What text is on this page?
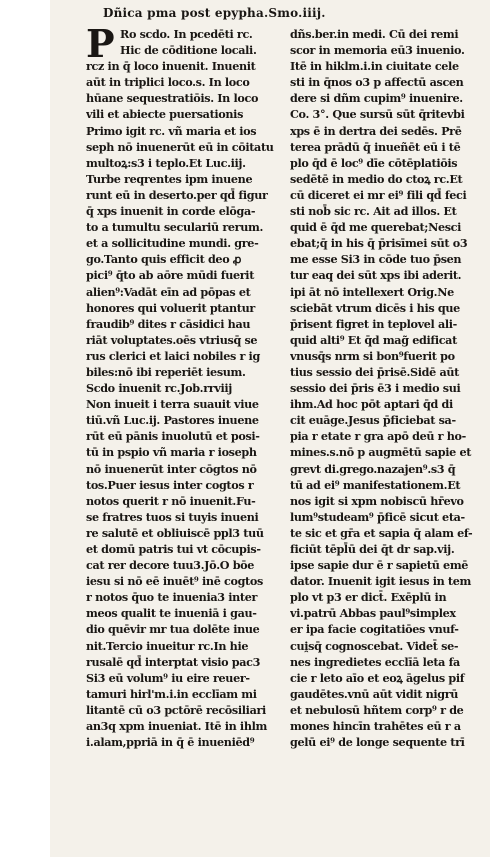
Dñica pma post epypha.Smo.iiij.
P Ro scdo. In pcedēti rc.
Hic de cōditione locali.
rcz in q̄ loco inuenit. Inuenit
aūt in triplici loco.s. In loco
hūane sequestratiōis. In loco
vili et abiecte puersationis
Primo igit rc. vñ maria et ios
seph nō inuenerūt eū in cōitatu
multoꝝ:s3 i teplo.Et Luc.iij.
Turbe reqrentes ipm inuene
runt eū in deserto.per qd̄ figur
q̄ xps inuenit in corde elōga-
to a tumultu seculariū rerum.
et a sollicitudine mundi. gre-
go.Tanto quis efficit deo ꝓ
pici⁹ q̄to ab aōre mūdi fuerit
alien⁹:Vadāt eīn ad pōpas et
honores qui voluerit ptantur
fraudib⁹ dites r cāsidici hau
riāt voluptates.oēs vtriusq̄ se
rus clerici et laici nobiles r ig
biles:nō ibi reperiēt iesum.
Scdo inuenit rc.Job.rrviij
Non inueit i terra suauit viue
tiū.vñ Luc.ij. Pastores inuene
rūt eū pānis inuolutū et posi-
tū in pspio vñ maria r ioseph
nō inuenerūt inter cōgtos nō
tos.Puer iesus inter cogtos r
notos querit r nō inuenit.Fu-
se fratres tuos si tuyis inueni
re salutē et obliuiscē ppl3 tuū
et domū patris tui vt cōcupis-
cat rer decore tuu3.Jō.O bōe
iesu si nō eē inuēt⁹ inē cogtos
r notos q̄uo te inuenia3 inter
meos qualit te inueniā i gau-
dio quēvir mr tua dolēte inue
nit.Tercio inueitur rc.In hie
rusalē qd̄ interptat visio pac3
Si3 eū volum⁹ iu eire reuer-
tamuri hirl'm.i.in ecclīam mi
litantē cū o3 pctōrē recōsiliari
an3q xpm inueniat. Itē in ihlm
i.alam,ppriā in q̄ ē inueniēd⁹
dñs.ber.in medi. Cū dei remi
scor in memoria eū3 inuenio.
Itē in hiklm.i.in ciuitate cele
sti in q̄nos o3 p affectū ascen
dere si dñm cupim⁹ inuenire.
Co. 3°. Que sursū sūt q̄ritevbi
xps ē in dertra dei sedēs. Prē
terea prādū q̄ inueñēt eū i tē
plo q̄d ē loc⁹ dīe cōtēplatiōis
sedētē in medio do ctoꝝ rc.Et
cū diceret ei mr ei⁹ fili qd̄ feci
sti nob̄ sic rc. Ait ad illos. Et
quid ē q̄d me querebat;Nesci
ebat;q̄ in his q̄ p̄risīmei sūt o3
me esse Si3 in cōde tuo p̄sen
tur eaq dei sūt xps ibi aderit.
ipi āt nō intellexert Orig.Ne
sciebāt vtrum dicēs i his que
p̄risent figret in teplovel ali-
quid alti⁹ Et q̄d mag̃ edificat
vnusq̄s nrm si bon⁹fuerit po
tius sessio dei p̄risē.Sidē aūt
sessio dei p̄ris ē3 i medio sui
ihm.Ad hoc pōt aptari q̄d di
cit euāge.Jesus p̄ficiebat sa-
pia r etate r gra apō deū r ho-
mines.s.nō p augmētū sapie et
grevt di.grego.nazajen⁹.s3 q̄
tū ad ei⁹ manifestationem.Et
nos igit si xpm nobiscū hr̄evo
lum⁹studeam⁹ p̄ficē sicut eta-
te sic et gr̄a et sapia q̄ alam ef-
ficiūt tēpl̄ū dei q̄t dr sap.vij.
ipse sapie dur ē r sapietū emē
dator. Inuenit igit iesus in tem
plo vt p3 er dict̄. Exēplū in
vi.patrū Abbas paul⁹simplex
er ipa facie cogitatiōes vnuf-
cui̯sq̄ cognoscebat. Videt̄ se-
nes ingredietes ecclīā leta fa
cie r leto aīo et eoꝝ āgelus pif
gaudētes.vnū aūt vidit nigrū
et nebulosū hñtem corp⁹ r de
mones hincīn trahētes eū r a
gelū ei⁹ de longe sequente trī
